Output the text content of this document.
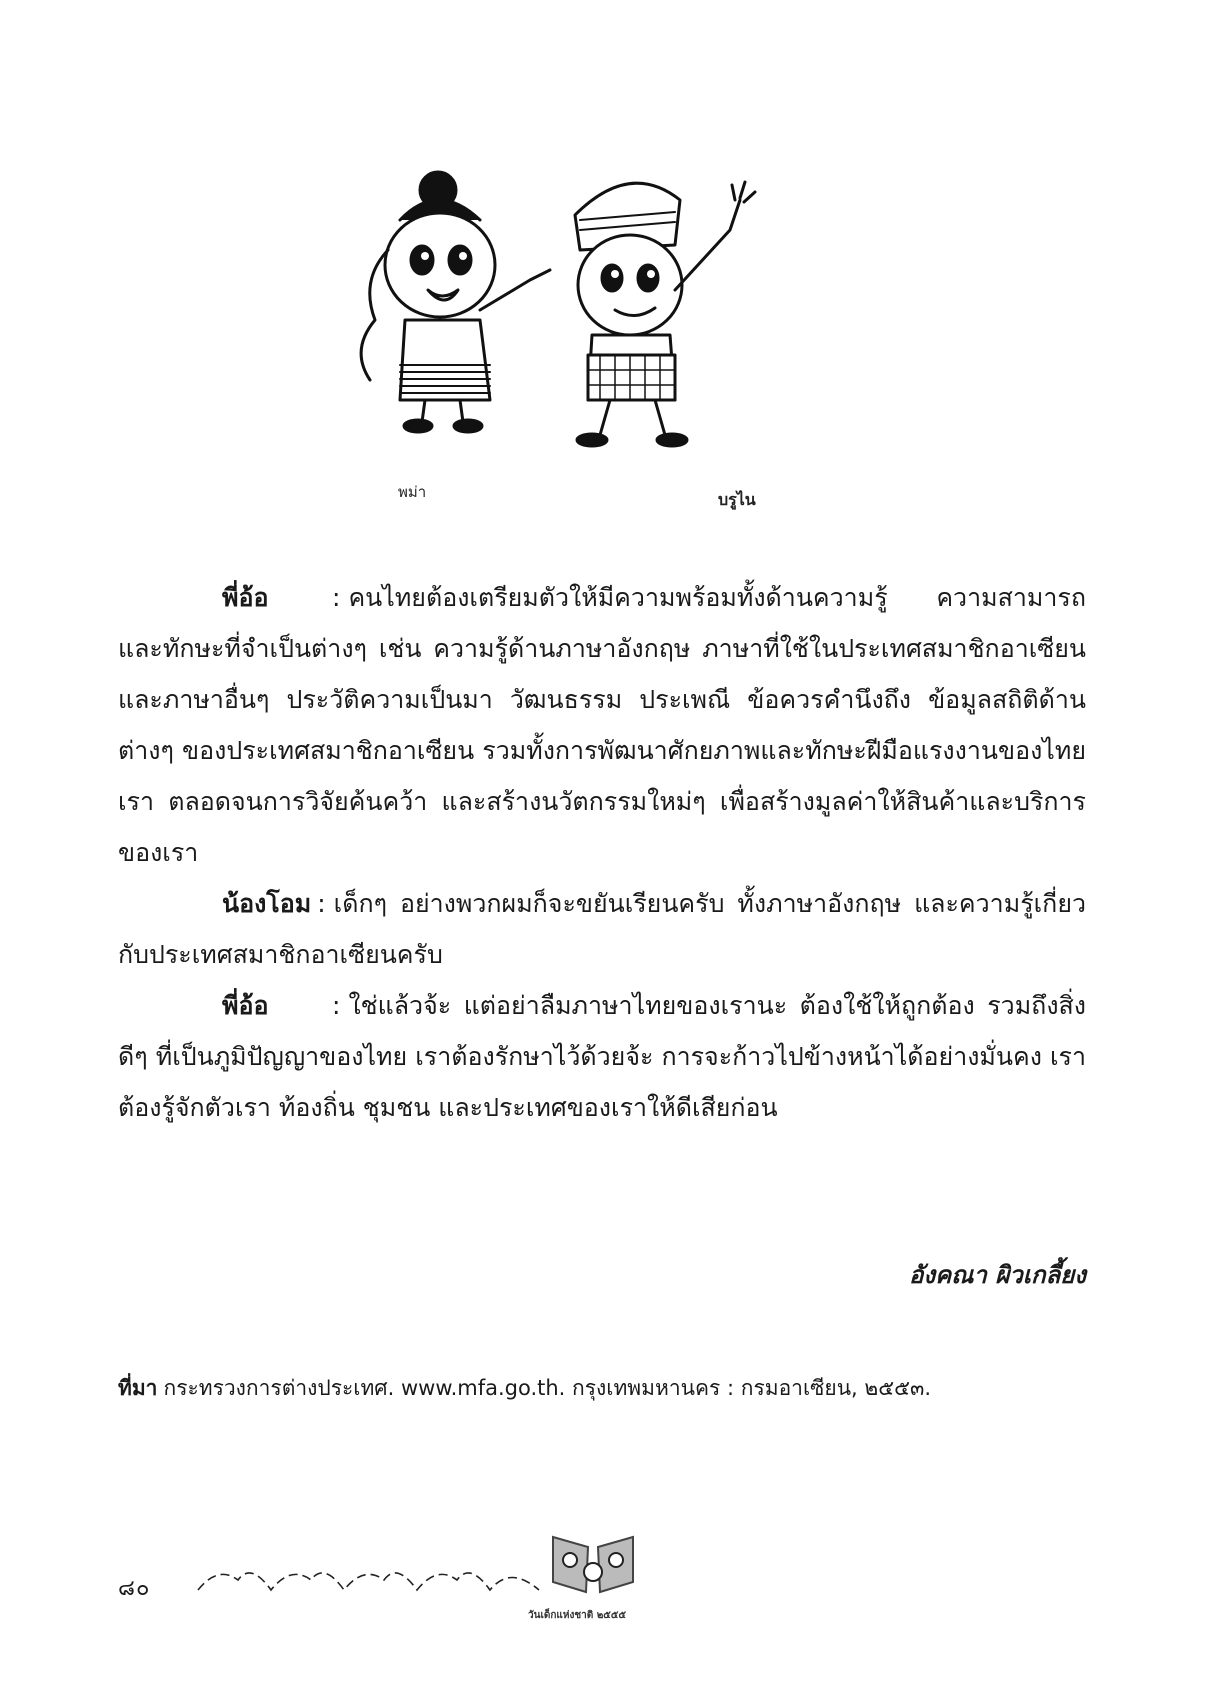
พม่า	บรูไน

พี่อ้อ	: คนไทยต้องเตรียมตัวให้มีความพร้อมทั้งด้านความรู้ ความสามารถ และทักษะที่จำเป็นต่างๆ เช่น ความรู้ด้านภาษาอังกฤษ ภาษาที่ใช้ในประเทศสมาชิกอาเซียน และภาษาอื่นๆ ประวัติความเป็นมา วัฒนธรรม ประเพณี ข้อควรคำนึงถึง ข้อมูลสถิติด้านต่างๆ ของประเทศสมาชิกอาเซียน รวมทั้งการพัฒนาศักยภาพและทักษะฝีมือแรงงานของไทยเรา ตลอดจนการวิจัยค้นคว้า และสร้างนวัตกรรมใหม่ๆ เพื่อสร้างมูลค่าให้สินค้าและบริการของเรา

น้องโอม : เด็กๆ อย่างพวกผมก็จะขยันเรียนครับ ทั้งภาษาอังกฤษ และความรู้เกี่ยวกับประเทศสมาชิกอาเซียนครับ

พี่อ้อ	: ใช่แล้วจ้ะ แต่อย่าลืมภาษาไทยของเรานะ ต้องใช้ให้ถูกต้อง รวมถึงสิ่งดีๆ ที่เป็นภูมิปัญญาของไทย เราต้องรักษาไว้ด้วยจ้ะ การจะก้าวไปข้างหน้าได้อย่างมั่นคง เราต้องรู้จักตัวเรา ท้องถิ่น ชุมชน และประเทศของเราให้ดีเสียก่อน

อังคณา ผิวเกลี้ยง
ที่มา กระทรวงการต่างประเทศ. www.mfa.go.th. กรุงเทพมหานคร : กรมอาเซียน, ๒๕๕๓.
๘๐
วันเด็กแห่งชาติ ๒๕๕๕
